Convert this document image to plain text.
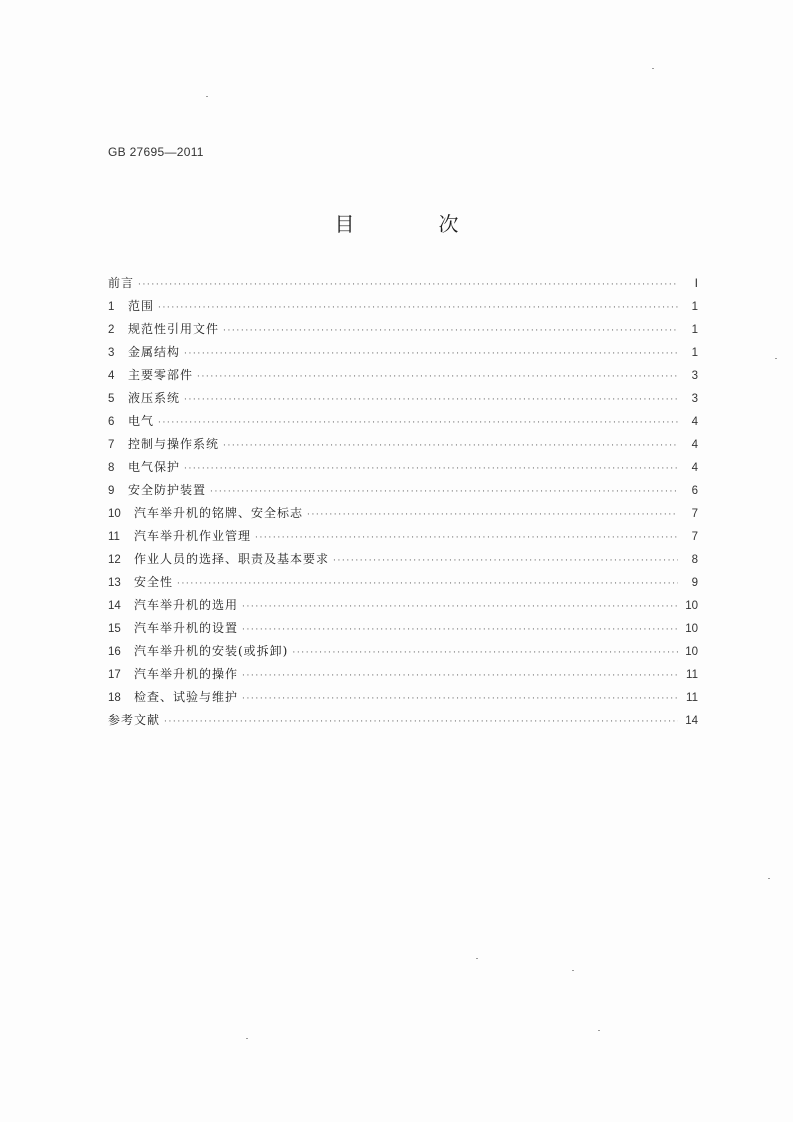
GB 27695—2011
目　次
前言 ·····	Ⅰ
1	范围 ·····	1
2	规范性引用文件 ·····	1
3	金属结构 ·····	1
4	主要零部件 ·····	3
5	液压系统 ·····	3
6	电气 ·····	4
7	控制与操作系统 ·····	4
8	电气保护 ·····	4
9	安全防护装置 ·····	6
10	汽车举升机的铭牌、安全标志 ·····	7
11	汽车举升机作业管理 ·····	7
12	作业人员的选择、职责及基本要求 ·····	8
13	安全性 ·····	9
14	汽车举升机的选用 ·····	10
15	汽车举升机的设置 ·····	10
16	汽车举升机的安装(或拆卸) ·····	10
17	汽车举升机的操作 ·····	11
18	检查、试验与维护 ·····	11
参考文献 ·····	14
